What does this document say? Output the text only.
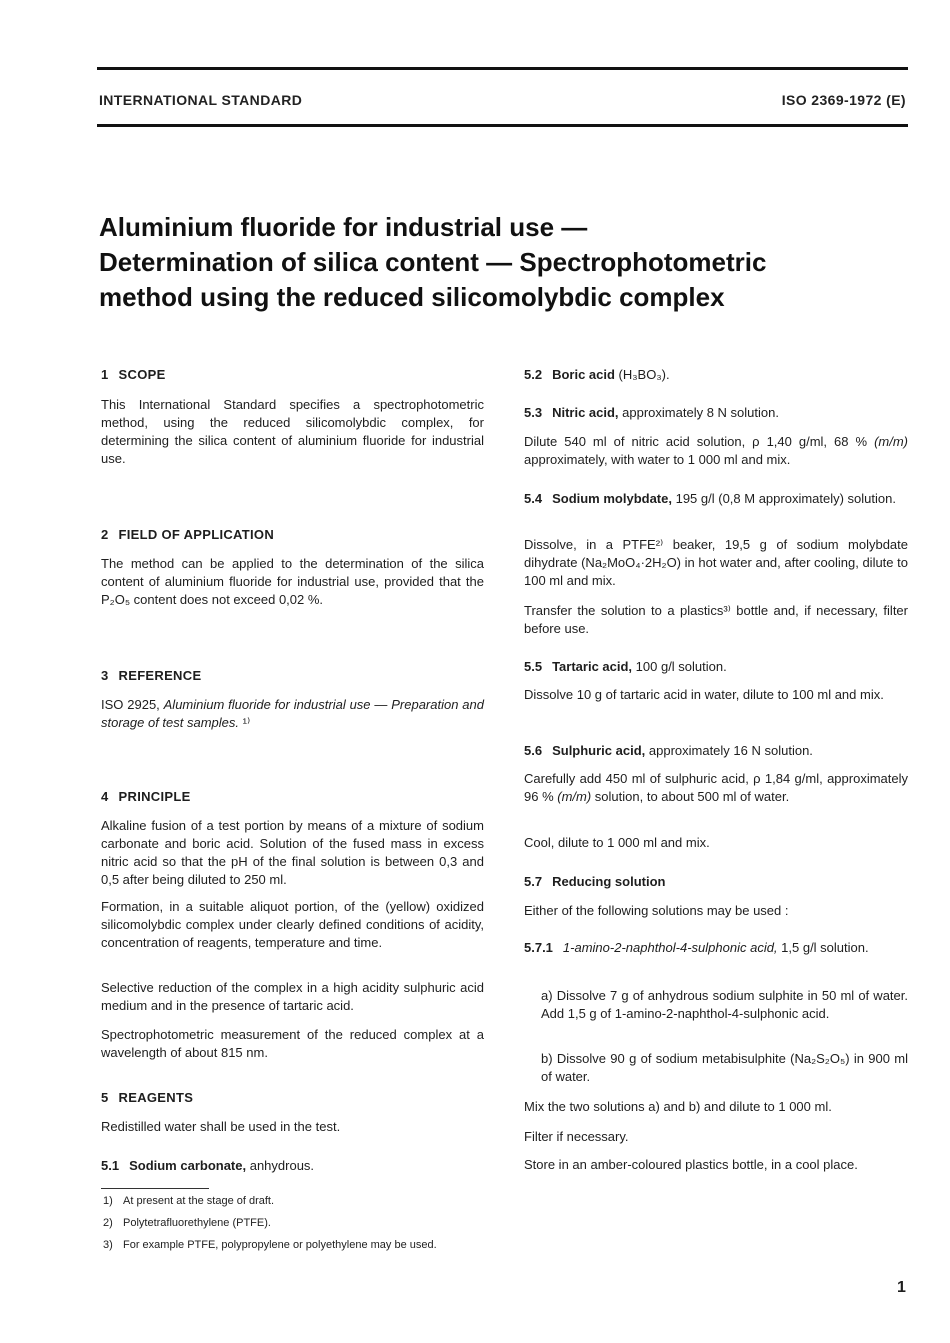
INTERNATIONAL STANDARD	ISO 2369-1972 (E)
Aluminium fluoride for industrial use —
Determination of silica content — Spectrophotometric
method using the reduced silicomolybdic complex
1 SCOPE
This International Standard specifies a spectrophotometric method, using the reduced silicomolybdic complex, for determining the silica content of aluminium fluoride for industrial use.
2 FIELD OF APPLICATION
The method can be applied to the determination of the silica content of aluminium fluoride for industrial use, provided that the P₂O₅ content does not exceed 0,02 %.
3 REFERENCE
ISO 2925, Aluminium fluoride for industrial use — Preparation and storage of test samples. ¹⁾
4 PRINCIPLE
Alkaline fusion of a test portion by means of a mixture of sodium carbonate and boric acid. Solution of the fused mass in excess nitric acid so that the pH of the final solution is between 0,3 and 0,5 after being diluted to 250 ml.
Formation, in a suitable aliquot portion, of the (yellow) oxidized silicomolybdic complex under clearly defined conditions of acidity, concentration of reagents, temperature and time.
Selective reduction of the complex in a high acidity sulphuric acid medium and in the presence of tartaric acid.
Spectrophotometric measurement of the reduced complex at a wavelength of about 815 nm.
5 REAGENTS
Redistilled water shall be used in the test.
5.1 Sodium carbonate, anhydrous.
1) At present at the stage of draft.
2) Polytetrafluorethylene (PTFE).
3) For example PTFE, polypropylene or polyethylene may be used.
5.2 Boric acid (H₃BO₃).
5.3 Nitric acid, approximately 8 N solution.
Dilute 540 ml of nitric acid solution, ρ 1,40 g/ml, 68 % (m/m) approximately, with water to 1 000 ml and mix.
5.4 Sodium molybdate, 195 g/l (0,8 M approximately) solution.
Dissolve, in a PTFE²⁾ beaker, 19,5 g of sodium molybdate dihydrate (Na₂MoO₄·2H₂O) in hot water and, after cooling, dilute to 100 ml and mix.
Transfer the solution to a plastics³⁾ bottle and, if necessary, filter before use.
5.5 Tartaric acid, 100 g/l solution.
Dissolve 10 g of tartaric acid in water, dilute to 100 ml and mix.
5.6 Sulphuric acid, approximately 16 N solution.
Carefully add 450 ml of sulphuric acid, ρ 1,84 g/ml, approximately 96 % (m/m) solution, to about 500 ml of water.
Cool, dilute to 1 000 ml and mix.
5.7 Reducing solution
Either of the following solutions may be used :
5.7.1 1-amino-2-naphthol-4-sulphonic acid, 1,5 g/l solution.
a) Dissolve 7 g of anhydrous sodium sulphite in 50 ml of water. Add 1,5 g of 1-amino-2-naphthol-4-sulphonic acid.
b) Dissolve 90 g of sodium metabisulphite (Na₂S₂O₅) in 900 ml of water.
Mix the two solutions a) and b) and dilute to 1 000 ml.
Filter if necessary.
Store in an amber-coloured plastics bottle, in a cool place.
1
